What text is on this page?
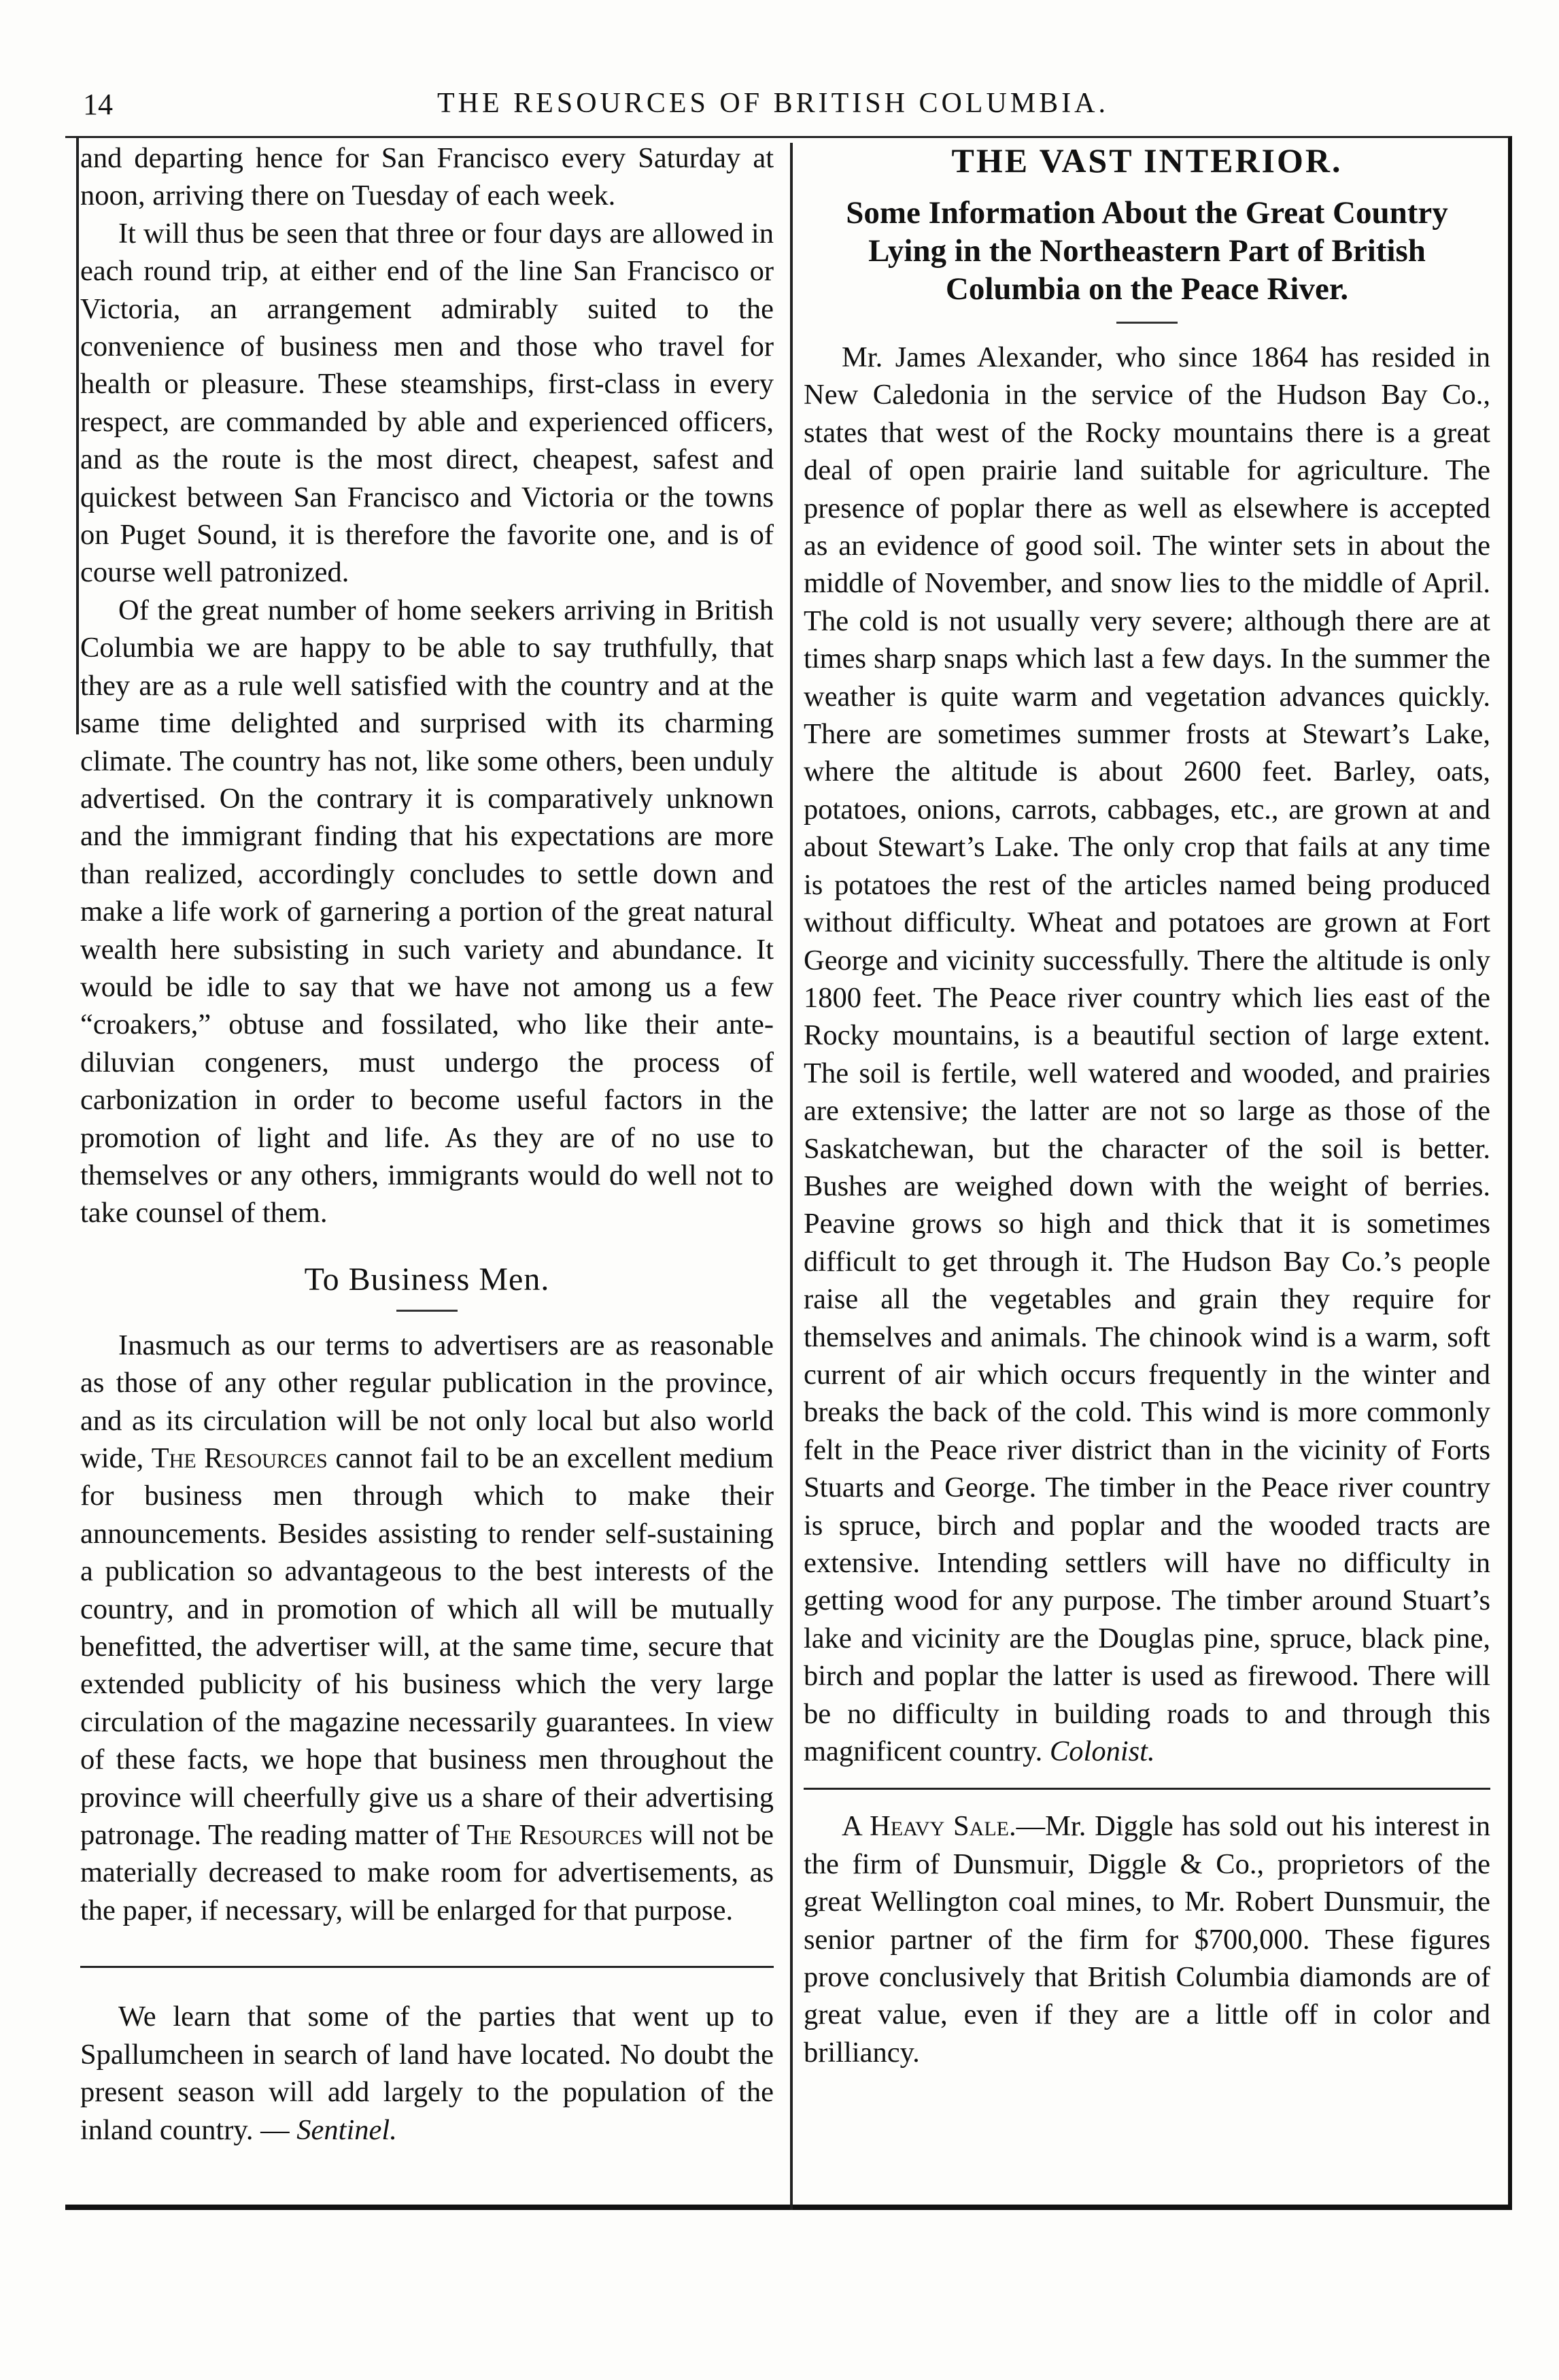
14	THE RESOURCES OF BRITISH COLUMBIA.

and departing hence for San Francisco every Saturday at noon, arriving there on Tuesday of each week.

It will thus be seen that three or four days are allowed in each round trip, at either end of the line San Francisco or Victoria, an arrangement admirably suited to the convenience of business men and those who travel for health or pleasure. These steamships, first-class in every respect, are commanded by able and experienced officers, and as the route is the most direct, cheapest, safest and quickest between San Francisco and Victoria or the towns on Puget Sound, it is therefore the favorite one, and is of course well patronized.

Of the great number of home seekers arriving in British Columbia we are happy to be able to say truthfully, that they are as a rule well satisfied with the country and at the same time delighted and surprised with its charming climate. The country has not, like some others, been unduly advertised. On the contrary it is comparatively unknown and the immigrant finding that his expectations are more than realized, accordingly concludes to settle down and make a life work of garnering a portion of the great natural wealth here subsisting in such variety and abundance. It would be idle to say that we have not among us a few “croakers,” obtuse and fossilated, who like their ante-diluvian congeners, must undergo the process of carbonization in order to become useful factors in the promotion of light and life. As they are of no use to themselves or any others, immigrants would do well not to take counsel of them.

To Business Men.

Inasmuch as our terms to advertisers are as reasonable as those of any other regular publication in the province, and as its circulation will be not only local but also world wide, The Resources cannot fail to be an excellent medium for business men through which to make their announcements. Besides assisting to render self-sustaining a publication so advantageous to the best interests of the country, and in promotion of which all will be mutually benefitted, the advertiser will, at the same time, secure that extended publicity of his business which the very large circulation of the magazine necessarily guarantees. In view of these facts, we hope that business men throughout the province will cheerfully give us a share of their advertising patronage. The reading matter of The Resources will not be materially decreased to make room for advertisements, as the paper, if necessary, will be enlarged for that purpose.

We learn that some of the parties that went up to Spallumcheen in search of land have located. No doubt the present season will add largely to the population of the inland country. — Sentinel.

THE VAST INTERIOR.
Some Information About the Great Country Lying in the Northeastern Part of British Columbia on the Peace River.

Mr. James Alexander, who since 1864 has resided in New Caledonia in the service of the Hudson Bay Co., states that west of the Rocky mountains there is a great deal of open prairie land suitable for agriculture. The presence of poplar there as well as elsewhere is accepted as an evidence of good soil. The winter sets in about the middle of November, and snow lies to the middle of April. The cold is not usually very severe; although there are at times sharp snaps which last a few days. In the summer the weather is quite warm and vegetation advances quickly. There are sometimes summer frosts at Stewart’s Lake, where the altitude is about 2600 feet. Barley, oats, potatoes, onions, carrots, cabbages, etc., are grown at and about Stewart’s Lake. The only crop that fails at any time is potatoes the rest of the articles named being produced without difficulty. Wheat and potatoes are grown at Fort George and vicinity successfully. There the altitude is only 1800 feet. The Peace river country which lies east of the Rocky mountains, is a beautiful section of large extent. The soil is fertile, well watered and wooded, and prairies are extensive; the latter are not so large as those of the Saskatchewan, but the character of the soil is better. Bushes are weighed down with the weight of berries. Peavine grows so high and thick that it is sometimes difficult to get through it. The Hudson Bay Co.’s people raise all the vegetables and grain they require for themselves and animals. The chinook wind is a warm, soft current of air which occurs frequently in the winter and breaks the back of the cold. This wind is more commonly felt in the Peace river district than in the vicinity of Forts Stuarts and George. The timber in the Peace river country is spruce, birch and poplar and the wooded tracts are extensive. Intending settlers will have no difficulty in getting wood for any purpose. The timber around Stuart’s lake and vicinity are the Douglas pine, spruce, black pine, birch and poplar the latter is used as firewood. There will be no difficulty in building roads to and through this magnificent country. Colonist.

A Heavy Sale.—Mr. Diggle has sold out his interest in the firm of Dunsmuir, Diggle & Co., proprietors of the great Wellington coal mines, to Mr. Robert Dunsmuir, the senior partner of the firm for $700,000. These figures prove conclusively that British Columbia diamonds are of great value, even if they are a little off in color and brilliancy.
